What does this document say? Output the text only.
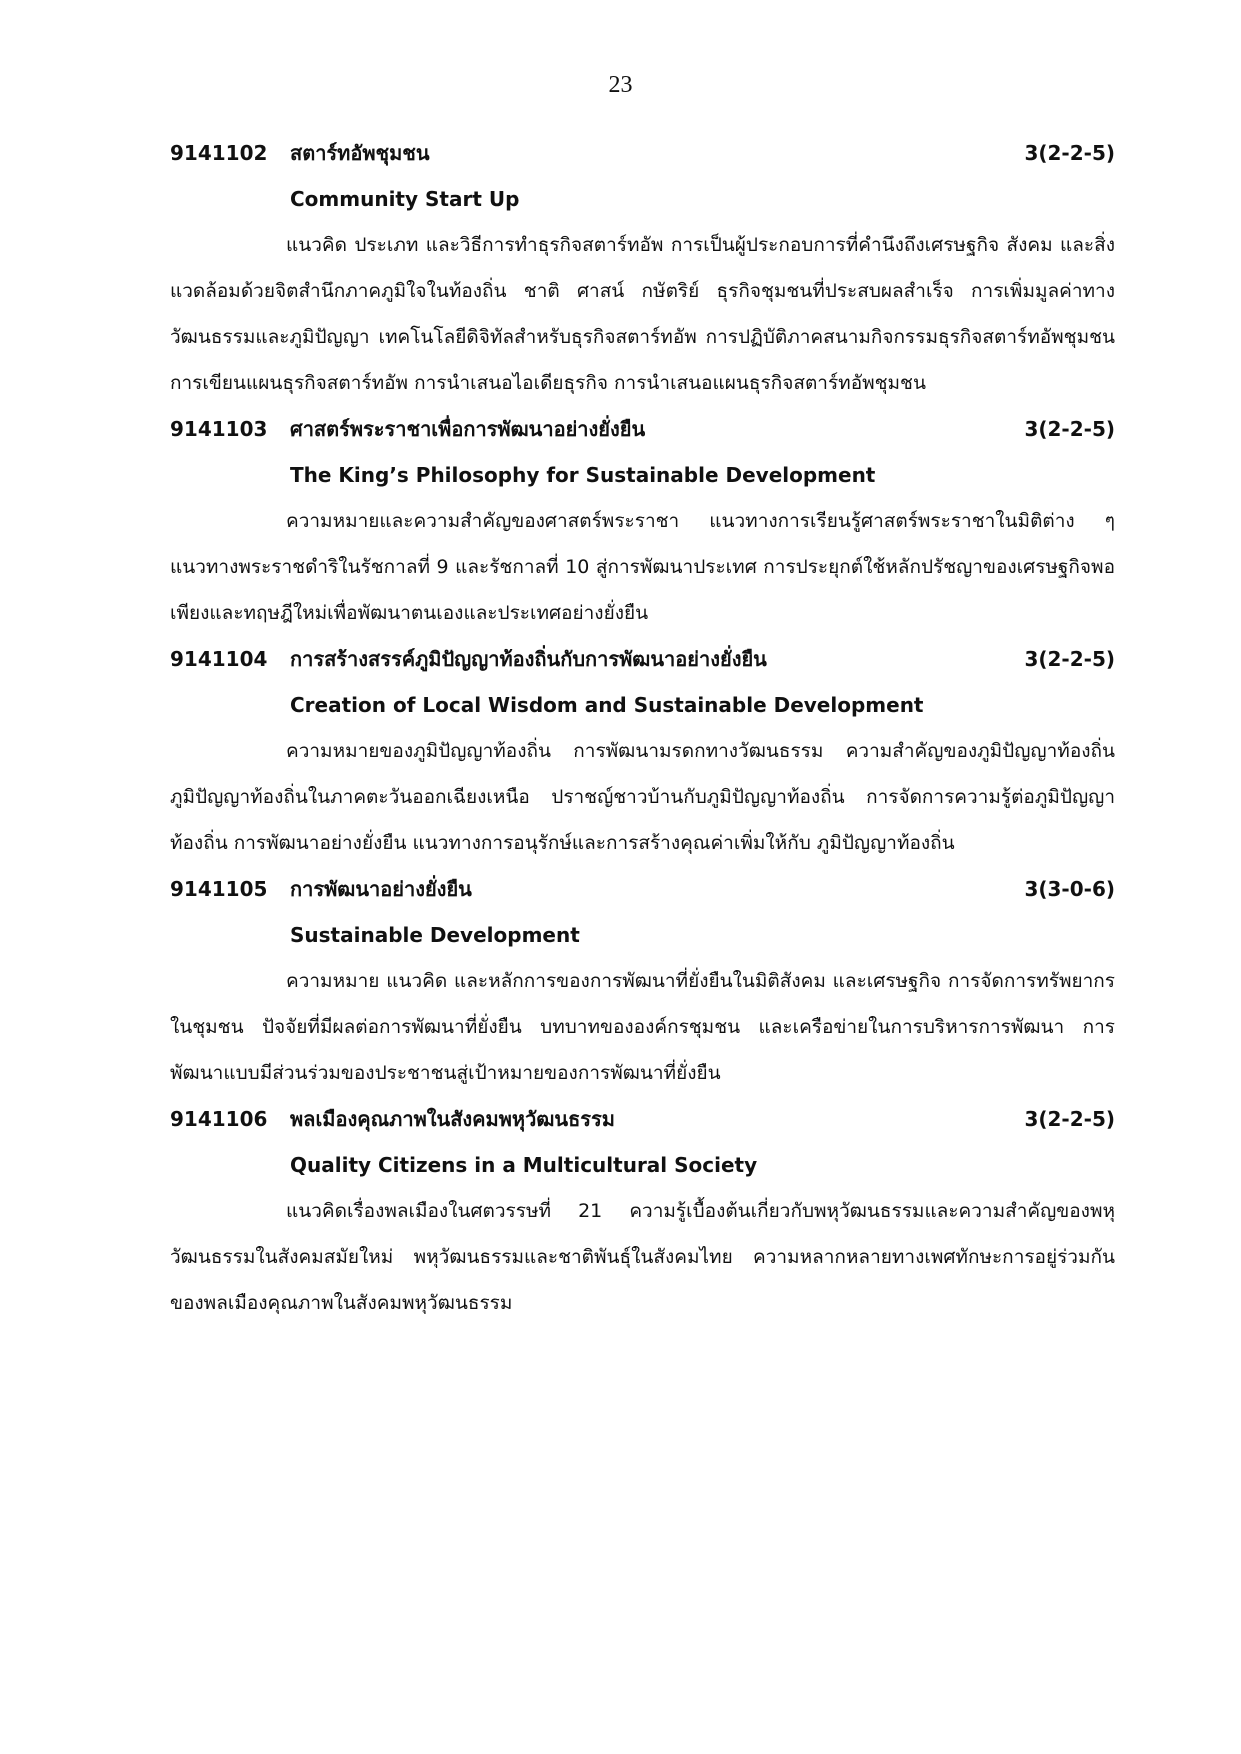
23
9141102	สตาร์ทอัพชุมชน	3(2-2-5)
Community Start Up

แนวคิด ประเภท และวิธีการทำธุรกิจสตาร์ทอัพ การเป็นผู้ประกอบการที่คำนึงถึงเศรษฐกิจ สังคม และสิ่งแวดล้อมด้วยจิตสำนึกภาคภูมิใจในท้องถิ่น ชาติ ศาสน์ กษัตริย์ ธุรกิจชุมชนที่ประสบผลสำเร็จ การเพิ่มมูลค่าทางวัฒนธรรมและภูมิปัญญา เทคโนโลยีดิจิทัลสำหรับธุรกิจสตาร์ทอัพ การปฏิบัติภาคสนามกิจกรรมธุรกิจสตาร์ทอัพชุมชน การเขียนแผนธุรกิจสตาร์ทอัพ การนำเสนอไอเดียธุรกิจ การนำเสนอแผนธุรกิจสตาร์ทอัพชุมชน

9141103	ศาสตร์พระราชาเพื่อการพัฒนาอย่างยั่งยืน	3(2-2-5)
The King’s Philosophy for Sustainable Development

ความหมายและความสำคัญของศาสตร์พระราชา แนวทางการเรียนรู้ศาสตร์พระราชาในมิติต่าง ๆ แนวทางพระราชดำริในรัชกาลที่ 9 และรัชกาลที่ 10 สู่การพัฒนาประเทศ การประยุกต์ใช้หลักปรัชญาของเศรษฐกิจพอเพียงและทฤษฎีใหม่เพื่อพัฒนาตนเองและประเทศอย่างยั่งยืน

9141104	การสร้างสรรค์ภูมิปัญญาท้องถิ่นกับการพัฒนาอย่างยั่งยืน	3(2-2-5)
Creation of Local Wisdom and Sustainable Development

ความหมายของภูมิปัญญาท้องถิ่น การพัฒนามรดกทางวัฒนธรรม ความสำคัญของภูมิปัญญาท้องถิ่น ภูมิปัญญาท้องถิ่นในภาคตะวันออกเฉียงเหนือ ปราชญ์ชาวบ้านกับภูมิปัญญาท้องถิ่น การจัดการความรู้ต่อภูมิปัญญาท้องถิ่น การพัฒนาอย่างยั่งยืน แนวทางการอนุรักษ์และการสร้างคุณค่าเพิ่มให้กับ ภูมิปัญญาท้องถิ่น

9141105	การพัฒนาอย่างยั่งยืน	3(3-0-6)
Sustainable Development

ความหมาย แนวคิด และหลักการของการพัฒนาที่ยั่งยืนในมิติสังคม และเศรษฐกิจ การจัดการทรัพยากรในชุมชน ปัจจัยที่มีผลต่อการพัฒนาที่ยั่งยืน บทบาทขององค์กรชุมชน และเครือข่ายในการบริหารการพัฒนา การพัฒนาแบบมีส่วนร่วมของประชาชนสู่เป้าหมายของการพัฒนาที่ยั่งยืน

9141106	พลเมืองคุณภาพในสังคมพหุวัฒนธรรม	3(2-2-5)
Quality Citizens in a Multicultural Society

แนวคิดเรื่องพลเมืองในศตวรรษที่ 21 ความรู้เบื้องต้นเกี่ยวกับพหุวัฒนธรรมและความสำคัญของพหุวัฒนธรรมในสังคมสมัยใหม่ พหุวัฒนธรรมและชาติพันธุ์ในสังคมไทย ความหลากหลายทางเพศทักษะการอยู่ร่วมกันของพลเมืองคุณภาพในสังคมพหุวัฒนธรรม
